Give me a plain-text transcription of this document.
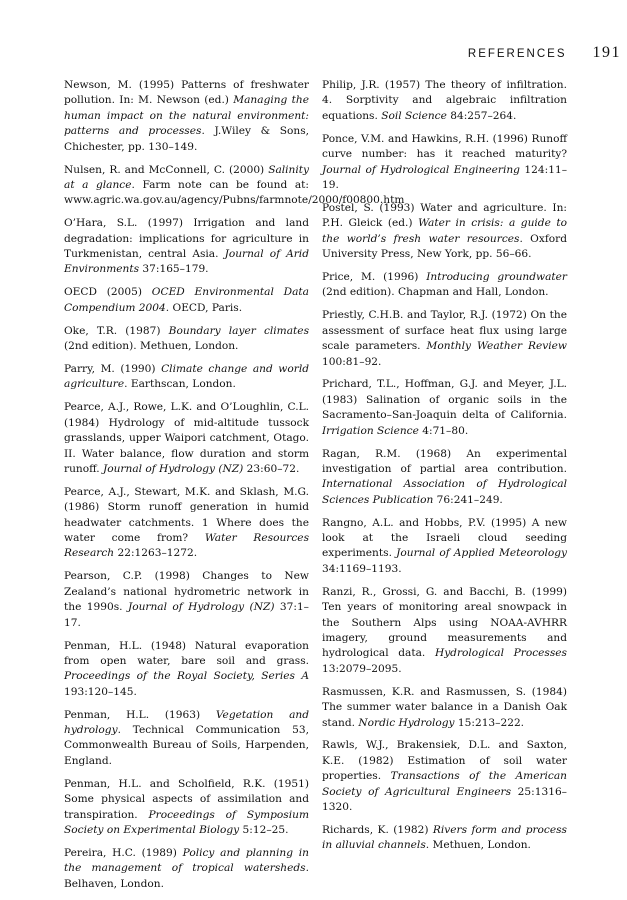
REFERENCES 191

Newson, M. (1995) Patterns of freshwater pollution. In: M. Newson (ed.) Managing the human impact on the natural environment: patterns and processes. J.Wiley & Sons, Chichester, pp. 130–149.

Nulsen, R. and McConnell, C. (2000) Salinity at a glance. Farm note can be found at: www.agric.wa.gov.au/agency/Pubns/farmnote/2000/f00800.htm

O’Hara, S.L. (1997) Irrigation and land degradation: implications for agriculture in Turkmenistan, central Asia. Journal of Arid Environments 37:165–179.

OECD (2005) OCED Environmental Data Compendium 2004. OECD, Paris.

Oke, T.R. (1987) Boundary layer climates (2nd edition). Methuen, London.

Parry, M. (1990) Climate change and world agriculture. Earthscan, London.

Pearce, A.J., Rowe, L.K. and O’Loughlin, C.L. (1984) Hydrology of mid-altitude tussock grasslands, upper Waipori catchment, Otago. II. Water balance, flow duration and storm runoff. Journal of Hydrology (NZ) 23:60–72.

Pearce, A.J., Stewart, M.K. and Sklash, M.G. (1986) Storm runoff generation in humid headwater catchments. 1 Where does the water come from? Water Resources Research 22:1263–1272.

Pearson, C.P. (1998) Changes to New Zealand’s national hydrometric network in the 1990s. Journal of Hydrology (NZ) 37:1–17.

Penman, H.L. (1948) Natural evaporation from open water, bare soil and grass. Proceedings of the Royal Society, Series A 193:120–145.

Penman, H.L. (1963) Vegetation and hydrology. Technical Communication 53, Commonwealth Bureau of Soils, Harpenden, England.

Penman, H.L. and Scholfield, R.K. (1951) Some physical aspects of assimilation and transpiration. Proceedings of Symposium Society on Experimental Biology 5:12–25.

Pereira, H.C. (1989) Policy and planning in the management of tropical watersheds. Belhaven, London.

Philip, J.R. (1957) The theory of infiltration. 4. Sorptivity and algebraic infiltration equations. Soil Science 84:257–264.

Ponce, V.M. and Hawkins, R.H. (1996) Runoff curve number: has it reached maturity? Journal of Hydrological Engineering 124:11–19.

Postel, S. (1993) Water and agriculture. In: P.H. Gleick (ed.) Water in crisis: a guide to the world’s fresh water resources. Oxford University Press, New York, pp. 56–66.

Price, M. (1996) Introducing groundwater (2nd edition). Chapman and Hall, London.

Priestly, C.H.B. and Taylor, R.J. (1972) On the assessment of surface heat flux using large scale parameters. Monthly Weather Review 100:81–92.

Prichard, T.L., Hoffman, G.J. and Meyer, J.L. (1983) Salination of organic soils in the Sacramento–San-Joaquin delta of California. Irrigation Science 4:71–80.

Ragan, R.M. (1968) An experimental investigation of partial area contribution. International Association of Hydrological Sciences Publication 76:241–249.

Rangno, A.L. and Hobbs, P.V. (1995) A new look at the Israeli cloud seeding experiments. Journal of Applied Meteorology 34:1169–1193.

Ranzi, R., Grossi, G. and Bacchi, B. (1999) Ten years of monitoring areal snowpack in the Southern Alps using NOAA-AVHRR imagery, ground measurements and hydrological data. Hydrological Processes 13:2079–2095.

Rasmussen, K.R. and Rasmussen, S. (1984) The summer water balance in a Danish Oak stand. Nordic Hydrology 15:213–222.

Rawls, W.J., Brakensiek, D.L. and Saxton, K.E. (1982) Estimation of soil water properties. Transactions of the American Society of Agricultural Engineers 25:1316–1320.

Richards, K. (1982) Rivers form and process in alluvial channels. Methuen, London.
